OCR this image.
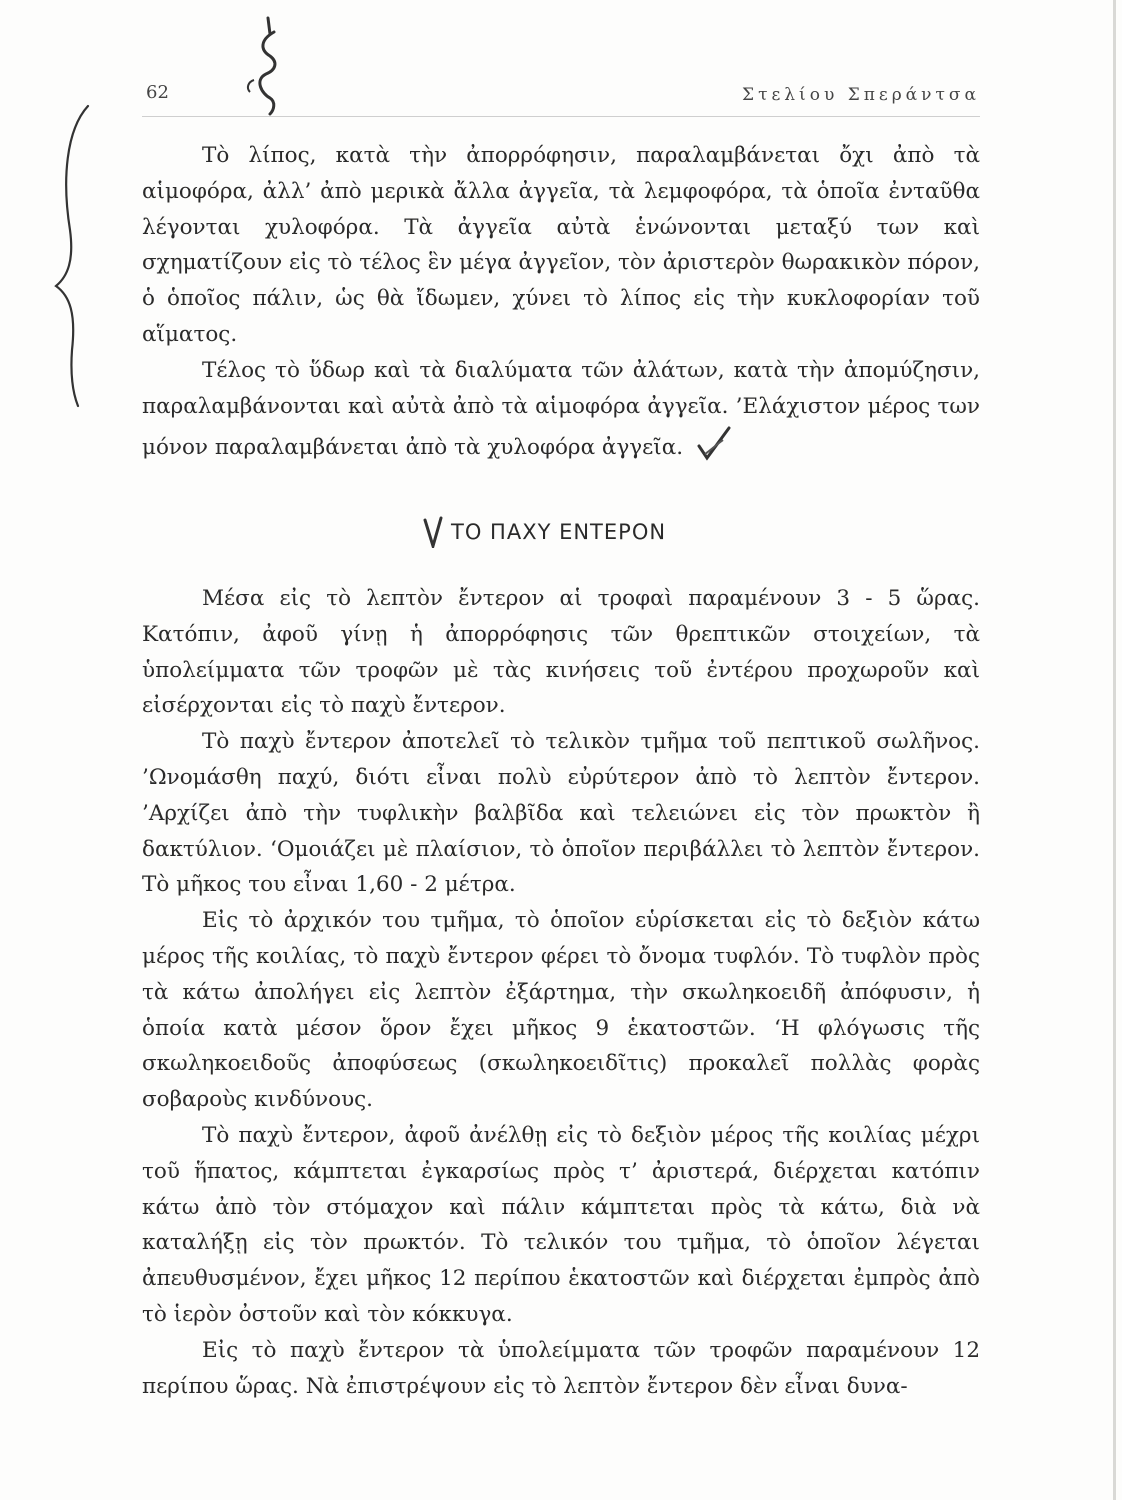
62	Στελίου Σπεράντσα

Τὸ λίπος, κατὰ τὴν ἀπορρόφησιν, παραλαμβάνεται ὄχι ἀπὸ τὰ αἱμοφόρα, ἀλλ’ ἀπὸ μερικὰ ἄλλα ἀγγεῖα, τὰ λεμφοφόρα, τὰ ὁποῖα ἐνταῦθα λέγονται χυλοφόρα. Τὰ ἀγγεῖα αὐτὰ ἑνώνονται μεταξύ των καὶ σχηματίζουν εἰς τὸ τέλος ἓν μέγα ἀγγεῖον, τὸν ἀριστερὸν θωρακικὸν πόρον, ὁ ὁποῖος πάλιν, ὡς θὰ ἴδωμεν, χύνει τὸ λίπος εἰς τὴν κυκλοφορίαν τοῦ αἵματος.

Τέλος τὸ ὕδωρ καὶ τὰ διαλύματα τῶν ἀλάτων, κατὰ τὴν ἀπομύζησιν, παραλαμβάνονται καὶ αὐτὰ ἀπὸ τὰ αἱμοφόρα ἀγγεῖα. ’Ελάχιστον μέρος των μόνον παραλαμβάνεται ἀπὸ τὰ χυλοφόρα ἀγγεῖα.

ΤΟ ΠΑΧΥ ΕΝΤΕΡΟΝ

Μέσα εἰς τὸ λεπτὸν ἔντερον αἱ τροφαὶ παραμένουν 3 - 5 ὥρας. Κατόπιν, ἀφοῦ γίνῃ ἡ ἀπορρόφησις τῶν θρεπτικῶν στοιχείων, τὰ ὑπολείμματα τῶν τροφῶν μὲ τὰς κινήσεις τοῦ ἐντέρου προχωροῦν καὶ εἰσέρχονται εἰς τὸ παχὺ ἔντερον.

Τὸ παχὺ ἔντερον ἀποτελεῖ τὸ τελικὸν τμῆμα τοῦ πεπτικοῦ σωλῆνος. ’Ωνομάσθη παχύ, διότι εἶναι πολὺ εὐρύτερον ἀπὸ τὸ λεπτὸν ἔντερον. ’Αρχίζει ἀπὸ τὴν τυφλικὴν βαλβῖδα καὶ τελειώνει εἰς τὸν πρωκτὸν ἢ δακτύλιον. ‘Ομοιάζει μὲ πλαίσιον, τὸ ὁποῖον περιβάλλει τὸ λεπτὸν ἔντερον. Τὸ μῆκος του εἶναι 1,60 - 2 μέτρα.

Εἰς τὸ ἀρχικόν του τμῆμα, τὸ ὁποῖον εὑρίσκεται εἰς τὸ δεξιὸν κάτω μέρος τῆς κοιλίας, τὸ παχὺ ἔντερον φέρει τὸ ὄνομα τυφλόν. Τὸ τυφλὸν πρὸς τὰ κάτω ἀπολήγει εἰς λεπτὸν ἐξάρτημα, τὴν σκωληκοειδῆ ἀπόφυσιν, ἡ ὁποία κατὰ μέσον ὅρον ἔχει μῆκος 9 ἑκατοστῶν. ‘Η φλόγωσις τῆς σκωληκοειδοῦς ἀποφύσεως (σκωληκοειδῖτις) προκαλεῖ πολλὰς φορὰς σοβαροὺς κινδύνους.

Τὸ παχὺ ἔντερον, ἀφοῦ ἀνέλθῃ εἰς τὸ δεξιὸν μέρος τῆς κοιλίας μέχρι τοῦ ἥπατος, κάμπτεται ἐγκαρσίως πρὸς τ’ ἀριστερά, διέρχεται κατόπιν κάτω ἀπὸ τὸν στόμαχον καὶ πάλιν κάμπτεται πρὸς τὰ κάτω, διὰ νὰ καταλήξῃ εἰς τὸν πρωκτόν. Τὸ τελικόν του τμῆμα, τὸ ὁποῖον λέγεται ἀπευθυσμένον, ἔχει μῆκος 12 περίπου ἑκατοστῶν καὶ διέρχεται ἐμπρὸς ἀπὸ τὸ ἱερὸν ὀστοῦν καὶ τὸν κόκκυγα.

Εἰς τὸ παχὺ ἔντερον τὰ ὑπολείμματα τῶν τροφῶν παραμένουν 12 περίπου ὥρας. Νὰ ἐπιστρέψουν εἰς τὸ λεπτὸν ἔντερον δὲν εἶναι δυνα-
